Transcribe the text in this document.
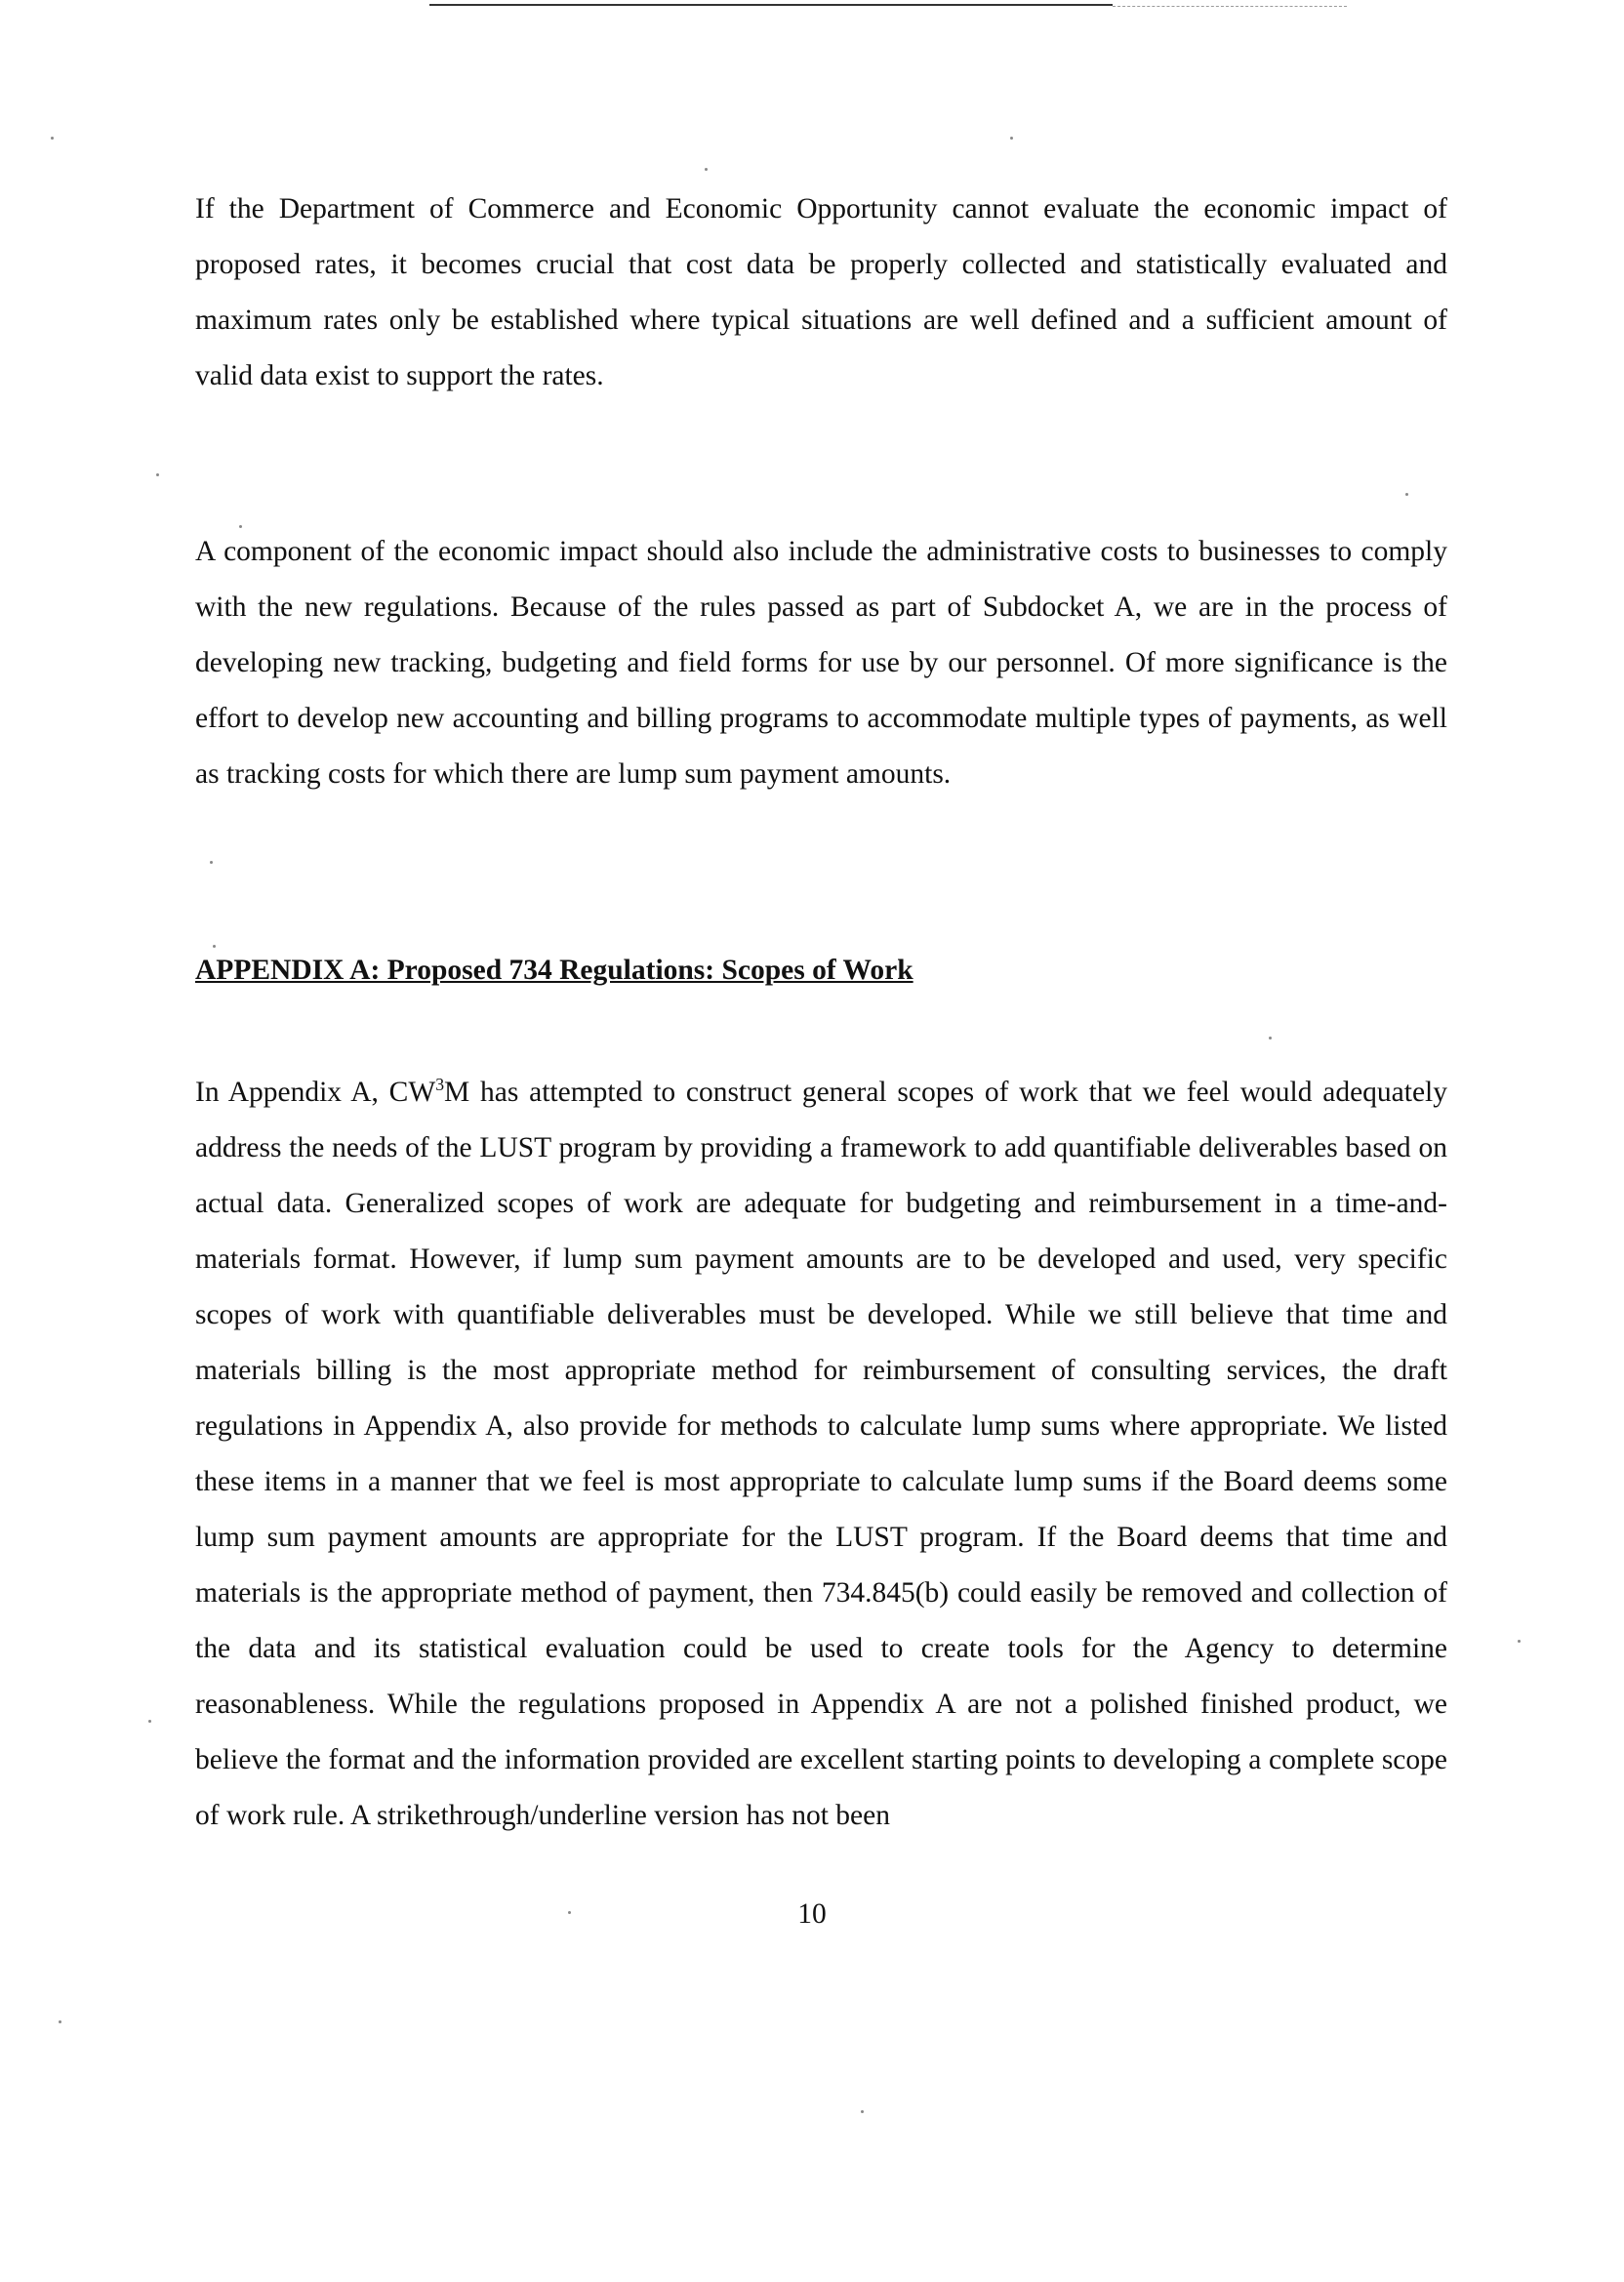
If the Department of Commerce and Economic Opportunity cannot evaluate the economic impact of proposed rates, it becomes crucial that cost data be properly collected and statistically evaluated and maximum rates only be established where typical situations are well defined and a sufficient amount of valid data exist to support the rates.

A component of the economic impact should also include the administrative costs to businesses to comply with the new regulations. Because of the rules passed as part of Subdocket A, we are in the process of developing new tracking, budgeting and field forms for use by our personnel. Of more significance is the effort to develop new accounting and billing programs to accommodate multiple types of payments, as well as tracking costs for which there are lump sum payment amounts.

APPENDIX A: Proposed 734 Regulations: Scopes of Work

In Appendix A, $CW^3M$ has attempted to construct general scopes of work that we feel would adequately address the needs of the LUST program by providing a framework to add quantifiable deliverables based on actual data. Generalized scopes of work are adequate for budgeting and reimbursement in a time-and-materials format. However, if lump sum payment amounts are to be developed and used, very specific scopes of work with quantifiable deliverables must be developed. While we still believe that time and materials billing is the most appropriate method for reimbursement of consulting services, the draft regulations in Appendix A, also provide for methods to calculate lump sums where appropriate. We listed these items in a manner that we feel is most appropriate to calculate lump sums if the Board deems some lump sum payment amounts are appropriate for the LUST program. If the Board deems that time and materials is the appropriate method of payment, then 734.845(b) could easily be removed and collection of the data and its statistical evaluation could be used to create tools for the Agency to determine reasonableness. While the regulations proposed in Appendix A are not a polished finished product, we believe the format and the information provided are excellent starting points to developing a complete scope of work rule. A strikethrough/underline version has not been

10
